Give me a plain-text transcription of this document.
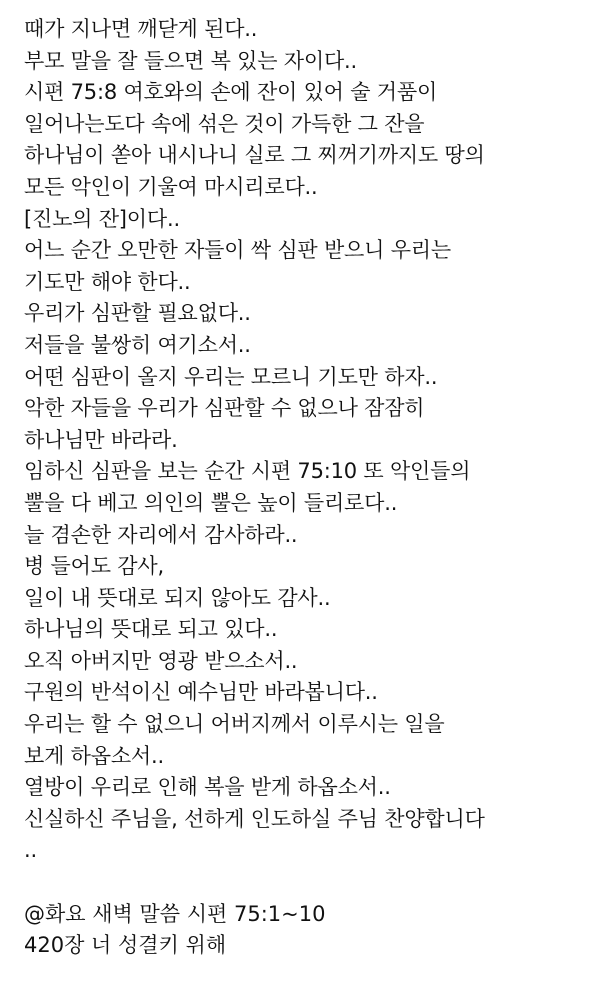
때가 지나면 깨닫게 된다..
부모 말을 잘 들으면 복 있는 자이다..
시편 75:8 여호와의 손에 잔이 있어 술 거품이
일어나는도다 속에 섞은 것이 가득한 그 잔을
하나님이 쏟아 내시나니 실로 그 찌꺼기까지도 땅의
모든 악인이 기울여 마시리로다..
[진노의 잔]이다..
어느 순간 오만한 자들이 싹 심판 받으니 우리는
기도만 해야 한다..
우리가 심판할 필요없다..
저들을 불쌍히 여기소서..
어떤 심판이 올지 우리는 모르니 기도만 하자..
악한 자들을 우리가 심판할 수 없으나 잠잠히
하나님만 바라라.
임하신 심판을 보는 순간 시편 75:10 또 악인들의
뿔을 다 베고 의인의 뿔은 높이 들리로다..
늘 겸손한 자리에서 감사하라..
병 들어도 감사,
일이 내 뜻대로 되지 않아도 감사..
하나님의 뜻대로 되고 있다..
오직 아버지만 영광 받으소서..
구원의 반석이신 예수님만 바라봅니다..
우리는 할 수 없으니 어버지께서 이루시는 일을
보게 하옵소서..
열방이 우리로 인해 복을 받게 하옵소서..
신실하신 주님을, 선하게 인도하실 주님 찬양합니다
..
@화요 새벽 말씀 시편 75:1~10
420장 너 성결키 위해
